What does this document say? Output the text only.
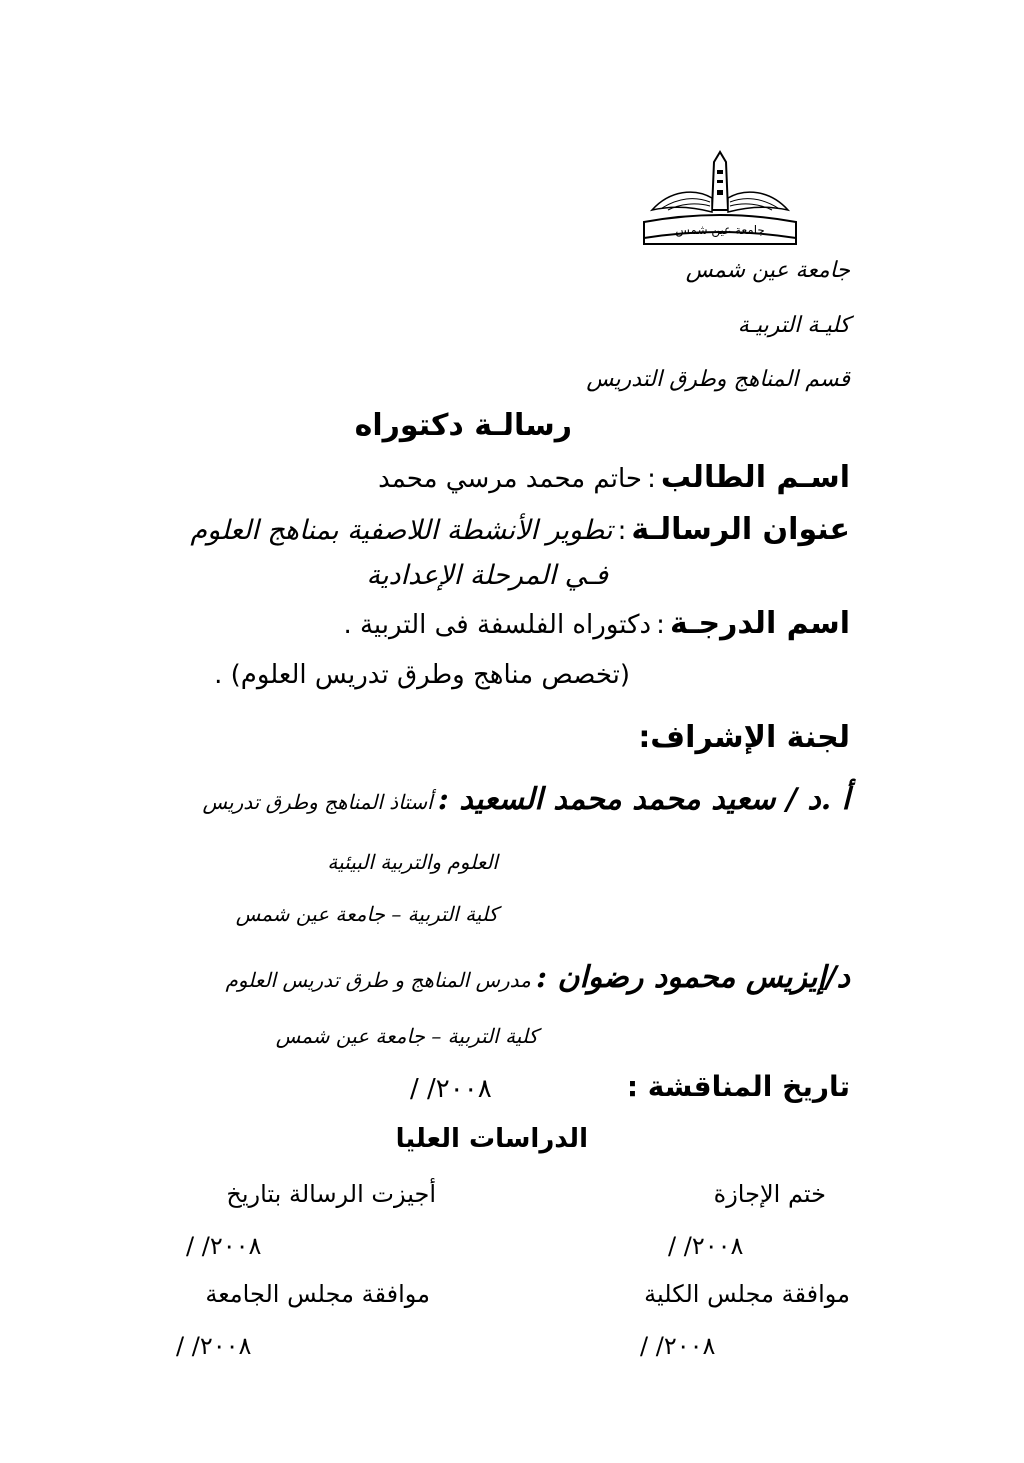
جامعة عين شمس
جامعة عين شمس
كليـة التربيـة
قسم المناهج وطرق التدريس
رسالـة دكتوراه
اسـم الطالب : حاتم محمد مرسي محمد
عنوان الرسالـة : تطوير الأنشطة اللاصفية بمناهج العلوم
فـي المرحلة الإعدادية
اسم الدرجـة : دكتوراه الفلسفة فى التربية .
(تخصص مناهج وطرق تدريس العلوم) .
لجنة الإشراف:
أ .د / سعيد محمد محمد السعيد : أستاذ المناهج وطرق تدريس
العلوم والتربية البيئية
كلية التربية – جامعة عين شمس
د/إيزيس محمود رضوان : مدرس المناهج و طرق تدريس العلوم
كلية التربية – جامعة عين شمس
تاريخ المناقشة :
/ /٢٠٠٨
الدراسات العليا
ختم الإجازة
أجيزت الرسالة بتاريخ
/ /٢٠٠٨
/ /٢٠٠٨
موافقة مجلس الكلية
موافقة مجلس الجامعة
/ /٢٠٠٨
/ /٢٠٠٨
